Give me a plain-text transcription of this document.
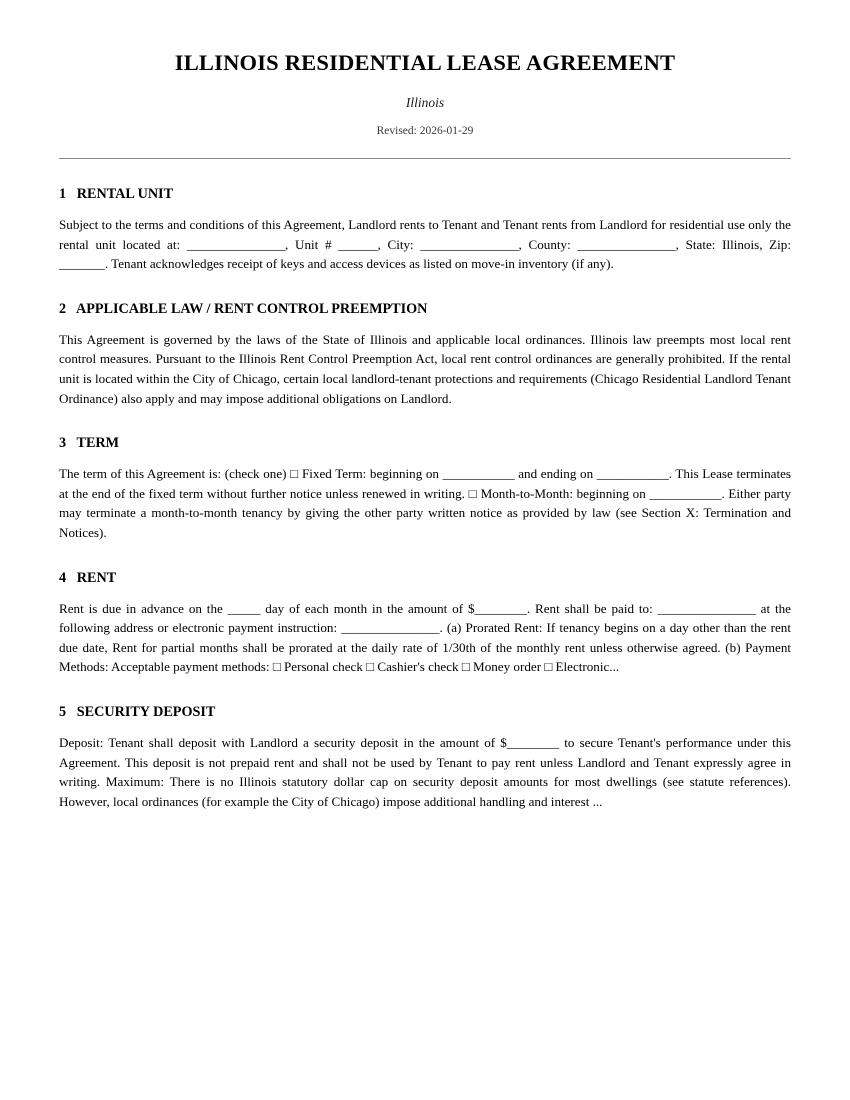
ILLINOIS RESIDENTIAL LEASE AGREEMENT

Illinois

Revised: 2026-01-29

1   RENTAL UNIT

Subject to the terms and conditions of this Agreement, Landlord rents to Tenant and Tenant rents from Landlord for residential use only the rental unit located at: _______________, Unit # ______, City: _______________, County: _______________, State: Illinois, Zip: _______. Tenant acknowledges receipt of keys and access devices as listed on move-in inventory (if any).

2   APPLICABLE LAW / RENT CONTROL PREEMPTION

This Agreement is governed by the laws of the State of Illinois and applicable local ordinances. Illinois law preempts most local rent control measures. Pursuant to the Illinois Rent Control Preemption Act, local rent control ordinances are generally prohibited. If the rental unit is located within the City of Chicago, certain local landlord-tenant protections and requirements (Chicago Residential Landlord Tenant Ordinance) also apply and may impose additional obligations on Landlord.

3   TERM

The term of this Agreement is: (check one) □ Fixed Term: beginning on ___________ and ending on ___________. This Lease terminates at the end of the fixed term without further notice unless renewed in writing. □ Month-to-Month: beginning on ___________. Either party may terminate a month-to-month tenancy by giving the other party written notice as provided by law (see Section X: Termination and Notices).

4   RENT

Rent is due in advance on the _____ day of each month in the amount of $________. Rent shall be paid to: _______________ at the following address or electronic payment instruction: _______________. (a) Prorated Rent: If tenancy begins on a day other than the rent due date, Rent for partial months shall be prorated at the daily rate of 1/30th of the monthly rent unless otherwise agreed. (b) Payment Methods: Acceptable payment methods: □ Personal check □ Cashier's check □ Money order □ Electronic...

5   SECURITY DEPOSIT

Deposit: Tenant shall deposit with Landlord a security deposit in the amount of $________ to secure Tenant's performance under this Agreement. This deposit is not prepaid rent and shall not be used by Tenant to pay rent unless Landlord and Tenant expressly agree in writing. Maximum: There is no Illinois statutory dollar cap on security deposit amounts for most dwellings (see statute references). However, local ordinances (for example the City of Chicago) impose additional handling and interest ...
